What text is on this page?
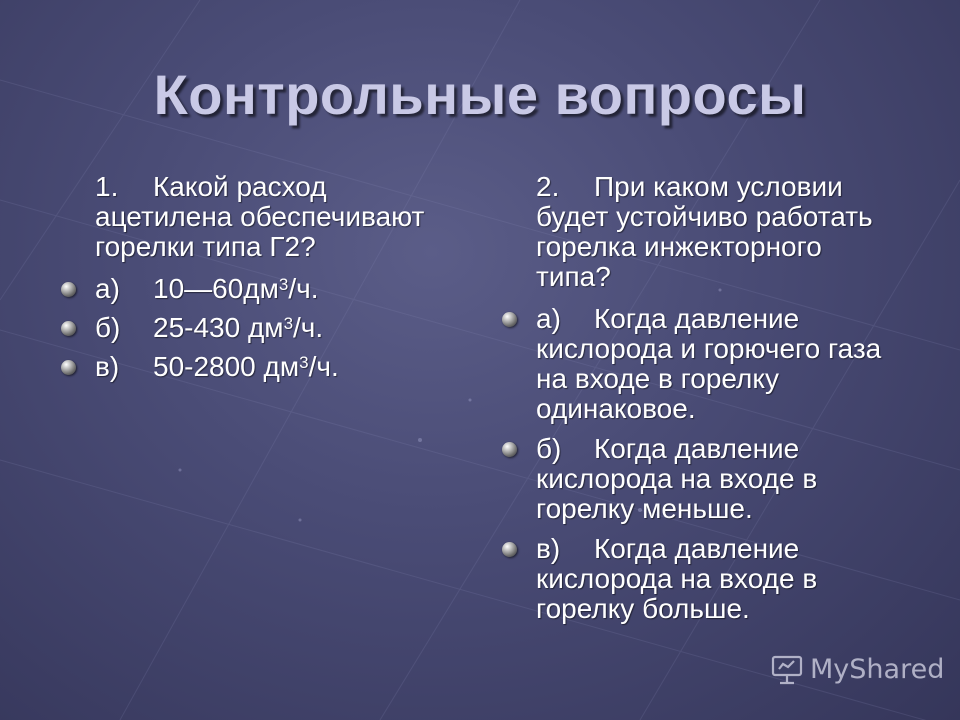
Контрольные вопросы
1. Какой расход ацетилена обеспечивают горелки типа Г2?
а) $10—60дм^3/ч$.
б) 25-430 $дм^3/ч$.
в) 50-2800 $дм^3/ч$.
2. При каком условии будет устойчиво работать горелка инжекторного типа?
а) Когда давление кислорода и горючего газа на входе в горелку одинаковое.
б) Когда давление кислорода на входе в горелку меньше.
в) Когда давление кислорода на входе в горелку больше.
MyShared
